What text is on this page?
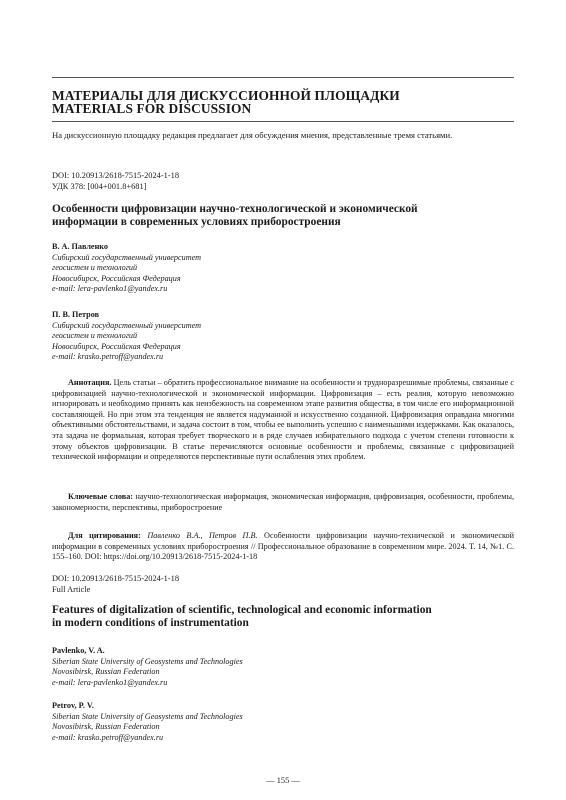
МАТЕРИАЛЫ ДЛЯ ДИСКУССИОННОЙ ПЛОЩАДКИ
MATERIALS FOR DISCUSSION
На дискуссионную площадку редакция предлагает для обсуждения мнения, представленные тремя статьями.
DOI: 10.20913/2618-7515-2024-1-18
УДК 378: [004+001.8+681]
Особенности цифровизации научно-технологической и экономической
информации в современных условиях приборостроения
В. А. Павленко
Сибирский государственный университет
геосистем и технологий
Новосибирск, Российская Федерация
e-mail: lera-pavlenko1@yandex.ru
П. В. Петров
Сибирский государственный университет
геосистем и технологий
Новосибирск, Российская Федерация
e-mail: krasko.petroff@yandex.ru
Аннотация. Цель статьи – обратить профессиональное внимание на особенности и трудноразрешимые проблемы, связанные с цифровизацией научно-технологической и экономической информации. Цифровизация – есть реалия, которую невозможно игнорировать и необходимо принять как неизбежность на современном этапе развития общества, в том числе его информационной составляющей. Но при этом эта тенденция не является надуманной и искусственно созданной. Цифровизация оправдана многими объективными обстоятельствами, и задача состоит в том, чтобы ее выполнить успешно с наименьшими издержками. Как оказалось, эта задача не формальная, которая требует творческого и в ряде случаев избирательного подхода с учетом степени готовности к этому объектов цифровизации. В статье перечисляются основные особенности и проблемы, связанные с цифровизацией технической информации и определяются перспективные пути ослабления этих проблем.
Ключевые слова: научно-технологическая информация, экономическая информация, цифровизация, особенности, проблемы, закономерности, перспективы, приборостроение
Для цитирования: Павленко В.А., Петров П.В. Особенности цифровизации научно-технической и экономической информации в современных условиях приборостроения // Профессиональное образование в современном мире. 2024. Т. 14, №1. С. 155–160. DOI: https://doi.org/10.20913/2618-7515-2024-1-18
DOI: 10.20913/2618-7515-2024-1-18
Full Article
Features of digitalization of scientific, technological and economic information
in modern conditions of instrumentation
Pavlenko, V. A.
Siberian State University of Geosystems and Technologies
Novosibirsk, Russian Federation
e-mail: lera-pavlenko1@yandex.ru
Petrov, P. V.
Siberian State University of Geosystems and Technologies
Novosibirsk, Russian Federation
e-mail: krasko.petroff@yandex.ru
— 155 —
